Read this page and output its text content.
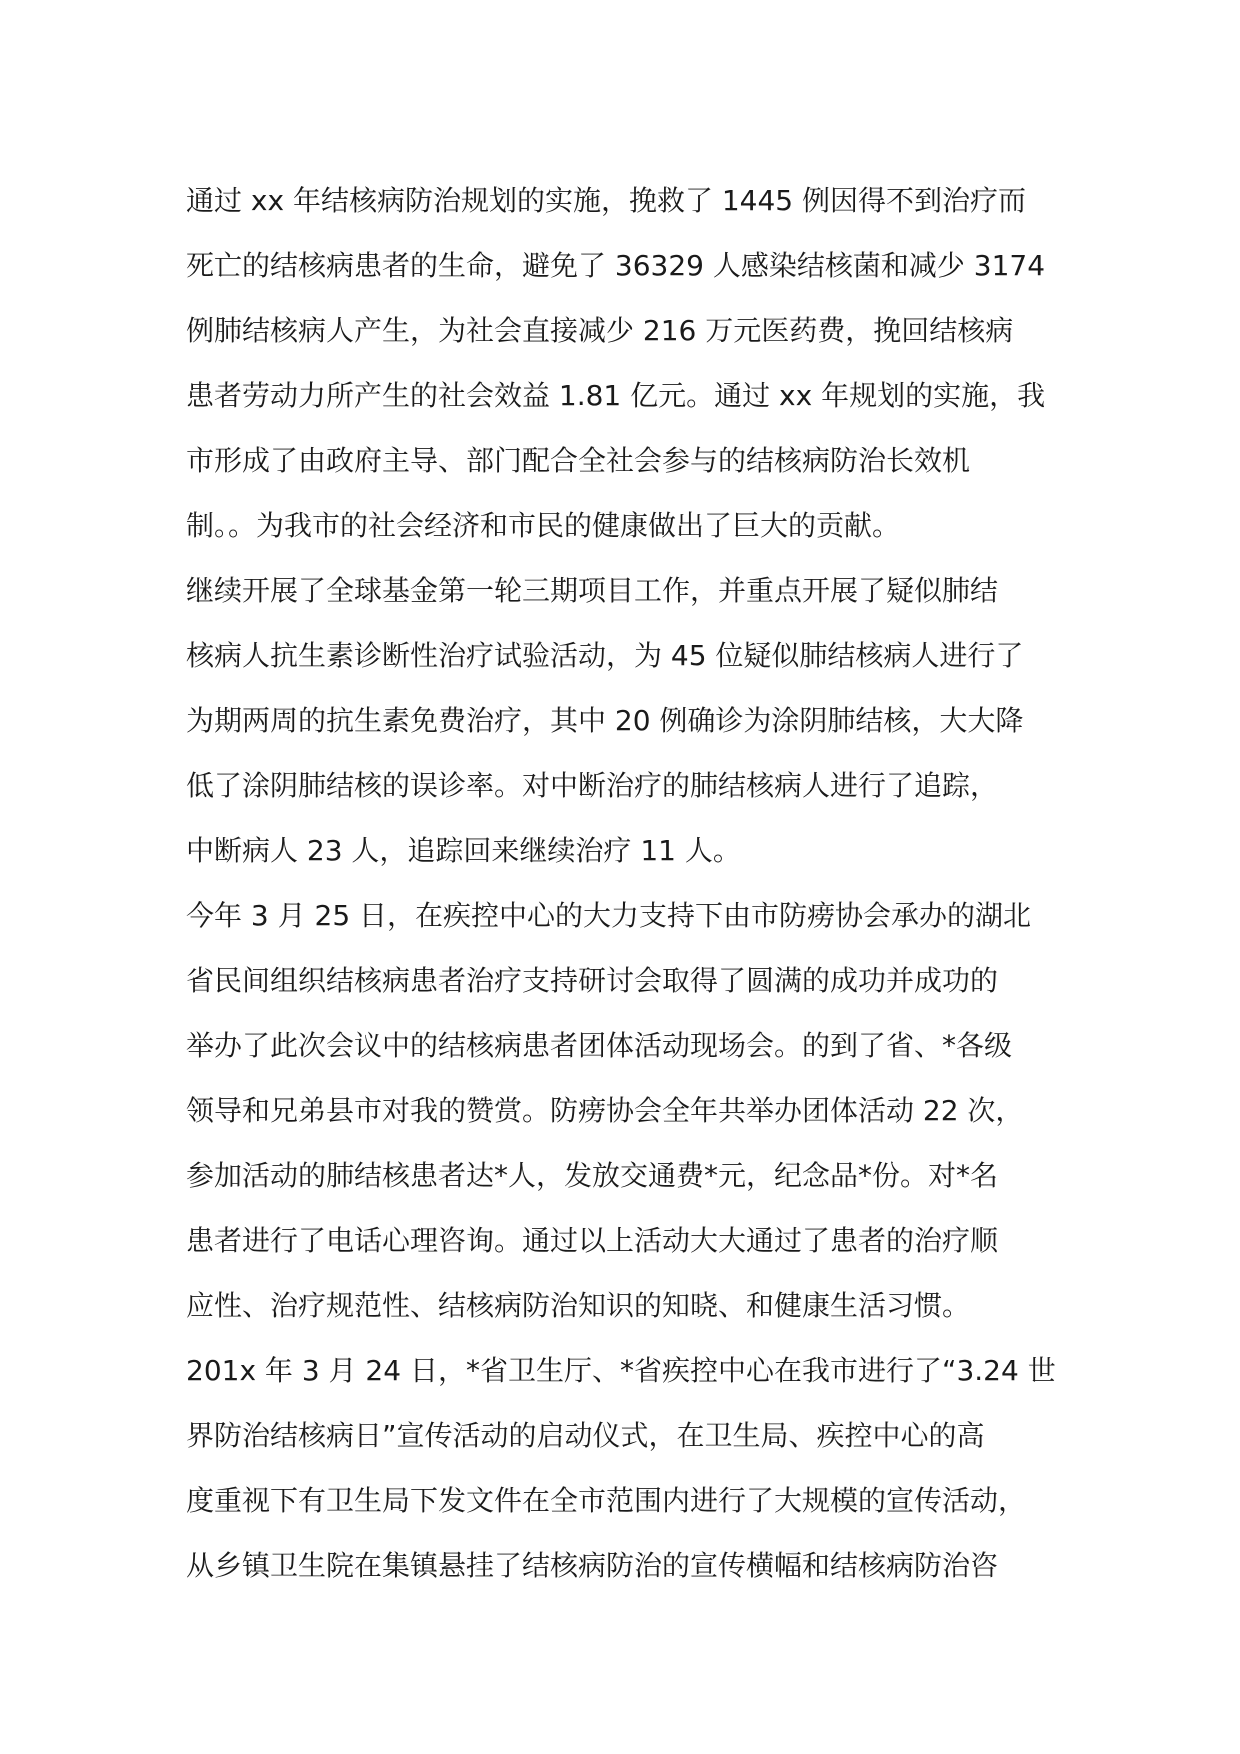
通过 xx 年结核病防治规划的实施，挽救了 1445 例因得不到治疗而
死亡的结核病患者的生命，避免了 36329 人感染结核菌和减少 3174
例肺结核病人产生，为社会直接减少 216 万元医药费，挽回结核病
患者劳动力所产生的社会效益 1.81 亿元。通过 xx 年规划的实施，我
市形成了由政府主导、部门配合全社会参与的结核病防治长效机
制。。为我市的社会经济和市民的健康做出了巨大的贡献。
继续开展了全球基金第一轮三期项目工作，并重点开展了疑似肺结
核病人抗生素诊断性治疗试验活动，为 45 位疑似肺结核病人进行了
为期两周的抗生素免费治疗，其中 20 例确诊为涂阴肺结核，大大降
低了涂阴肺结核的误诊率。对中断治疗的肺结核病人进行了追踪，
中断病人 23 人，追踪回来继续治疗 11 人。
今年 3 月 25 日，在疾控中心的大力支持下由市防痨协会承办的湖北
省民间组织结核病患者治疗支持研讨会取得了圆满的成功并成功的
举办了此次会议中的结核病患者团体活动现场会。的到了省、*各级
领导和兄弟县市对我的赞赏。防痨协会全年共举办团体活动 22 次，
参加活动的肺结核患者达*人，发放交通费*元，纪念品*份。对*名
患者进行了电话心理咨询。通过以上活动大大通过了患者的治疗顺
应性、治疗规范性、结核病防治知识的知晓、和健康生活习惯。
201x 年 3 月 24 日，*省卫生厅、*省疾控中心在我市进行了“3.24 世
界防治结核病日”宣传活动的启动仪式，在卫生局、疾控中心的高
度重视下有卫生局下发文件在全市范围内进行了大规模的宣传活动，
从乡镇卫生院在集镇悬挂了结核病防治的宣传横幅和结核病防治咨
